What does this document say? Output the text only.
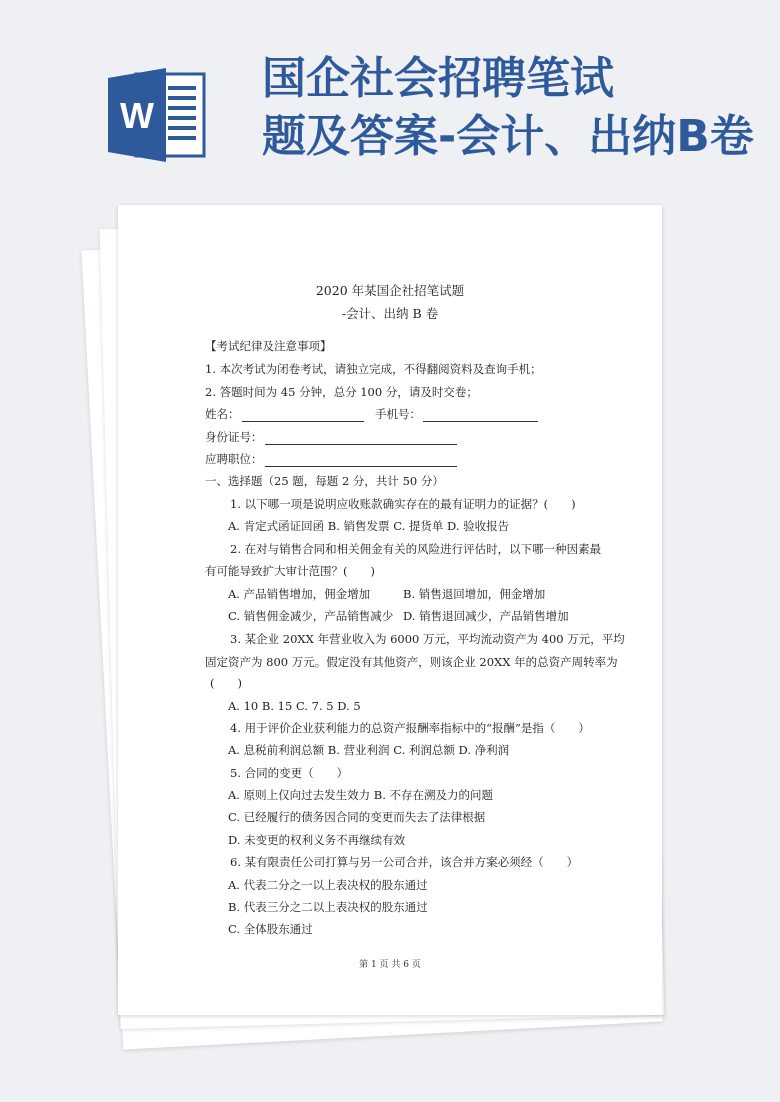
W
国企社会招聘笔试
题及答案-会计、出纳B卷
2020 年某国企社招笔试题
-会计、出纳 B 卷
【考试纪律及注意事项】
1. 本次考试为闭卷考试，请独立完成，不得翻阅资料及查询手机；
2. 答题时间为 45 分钟，总分 100 分，请及时交卷；
姓名：	手机号：
身份证号：
应聘职位：
一、选择题（25 题，每题 2 分，共计 50 分）
1. 以下哪一项是说明应收账款确实存在的最有证明力的证据？(　　)
A. 肯定式函证回函 B. 销售发票 C. 提货单 D. 验收报告
2. 在对与销售合同和相关佣金有关的风险进行评估时，以下哪一种因素最
有可能导致扩大审计范围？(　　)
A. 产品销售增加，佣金增加	B. 销售退回增加，佣金增加
C. 销售佣金减少，产品销售减少 D. 销售退回减少，产品销售增加
3. 某企业 20XX 年营业收入为 6000 万元，平均流动资产为 400 万元，平均
固定资产为 800 万元。假定没有其他资产，则该企业 20XX 年的总资产周转率为
(　　)
A. 10 B. 15 C. 7. 5 D. 5
4. 用于评价企业获利能力的总资产报酬率指标中的“报酬”是指（　　）
A. 息税前利润总额 B. 营业利润 C. 利润总额 D. 净利润
5. 合同的变更（　　）
A. 原则上仅向过去发生效力 B. 不存在溯及力的问题
C. 已经履行的债务因合同的变更而失去了法律根据
D. 未变更的权利义务不再继续有效
6. 某有限责任公司打算与另一公司合并，该合并方案必须经（　　）
A. 代表二分之一以上表决权的股东通过
B. 代表三分之二以上表决权的股东通过
C. 全体股东通过
第 1 页 共 6 页
